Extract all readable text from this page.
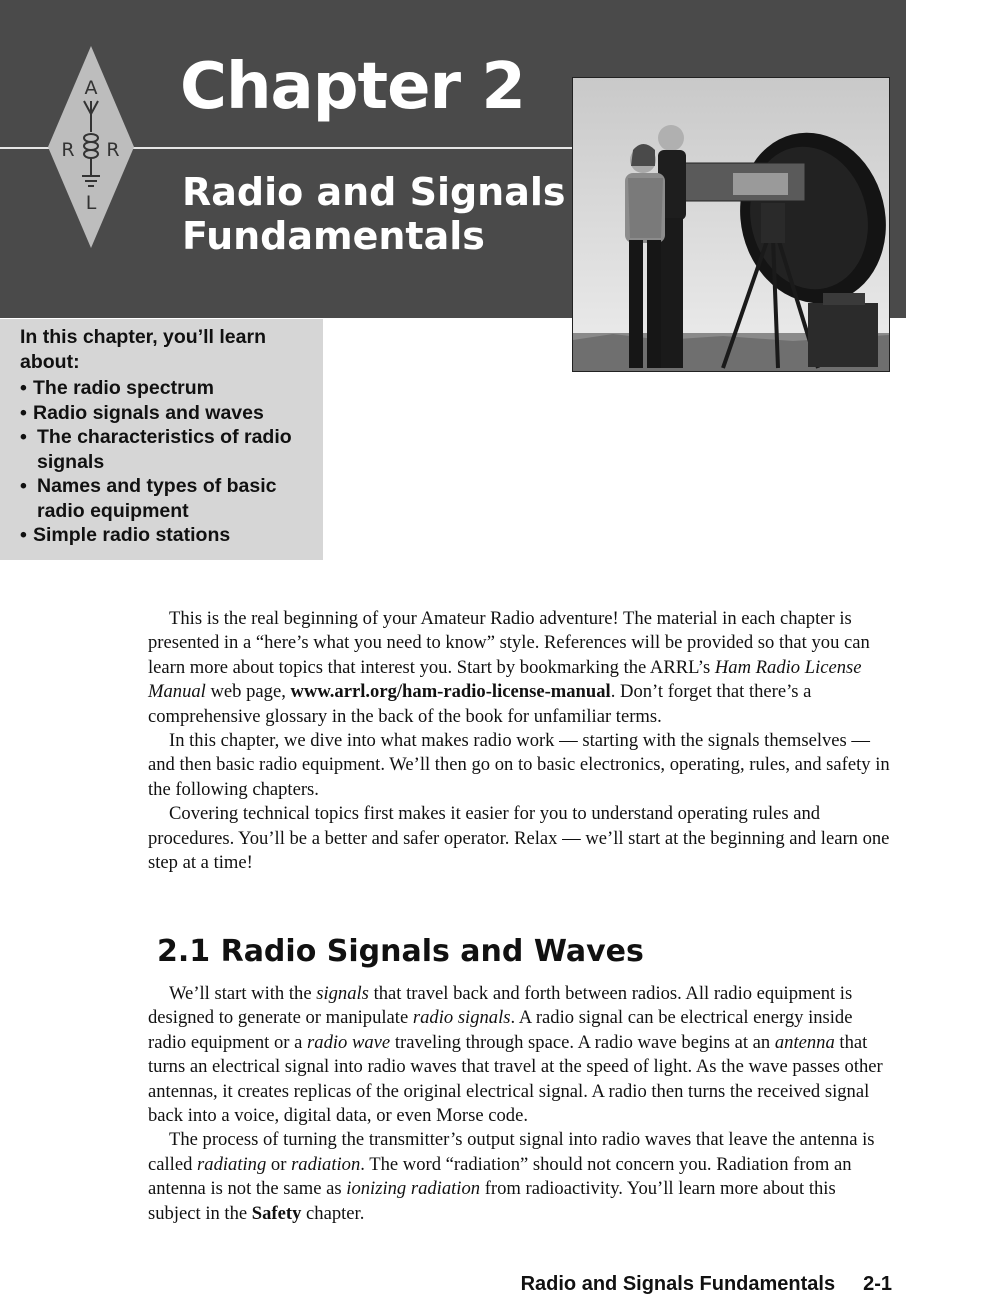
A
R R
L
Chapter 2
Radio and Signals
Fundamentals
In this chapter, you’ll learn about:
• The radio spectrum
• Radio signals and waves
• The characteristics of radio signals
• Names and types of basic radio equipment
• Simple radio stations

This is the real beginning of your Amateur Radio adventure! The material in each chapter is presented in a “here’s what you need to know” style. References will be provided so that you can learn more about topics that interest you. Start by bookmarking the ARRL’s Ham Radio License Manual web page, www.arrl.org/ham-radio-license-manual. Don’t forget that there’s a comprehensive glossary in the back of the book for unfamiliar terms.

In this chapter, we dive into what makes radio work — starting with the signals themselves — and then basic radio equipment. We’ll then go on to basic electronics, operating, rules, and safety in the following chapters.

Covering technical topics first makes it easier for you to understand operating rules and procedures. You’ll be a better and safer operator. Relax — we’ll start at the beginning and learn one step at a time!

2.1 Radio Signals and Waves

We’ll start with the signals that travel back and forth between radios. All radio equipment is designed to generate or manipulate radio signals. A radio signal can be electrical energy inside radio equipment or a radio wave traveling through space. A radio wave begins at an antenna that turns an electrical signal into radio waves that travel at the speed of light. As the wave passes other antennas, it creates replicas of the original electrical signal. A radio then turns the received signal back into a voice, digital data, or even Morse code.

The process of turning the transmitter’s output signal into radio waves that leave the antenna is called radiating or radiation. The word “radiation” should not concern you. Radiation from an antenna is not the same as ionizing radiation from radioactivity. You’ll learn more about this subject in the Safety chapter.

Radio and Signals Fundamentals 2-1
